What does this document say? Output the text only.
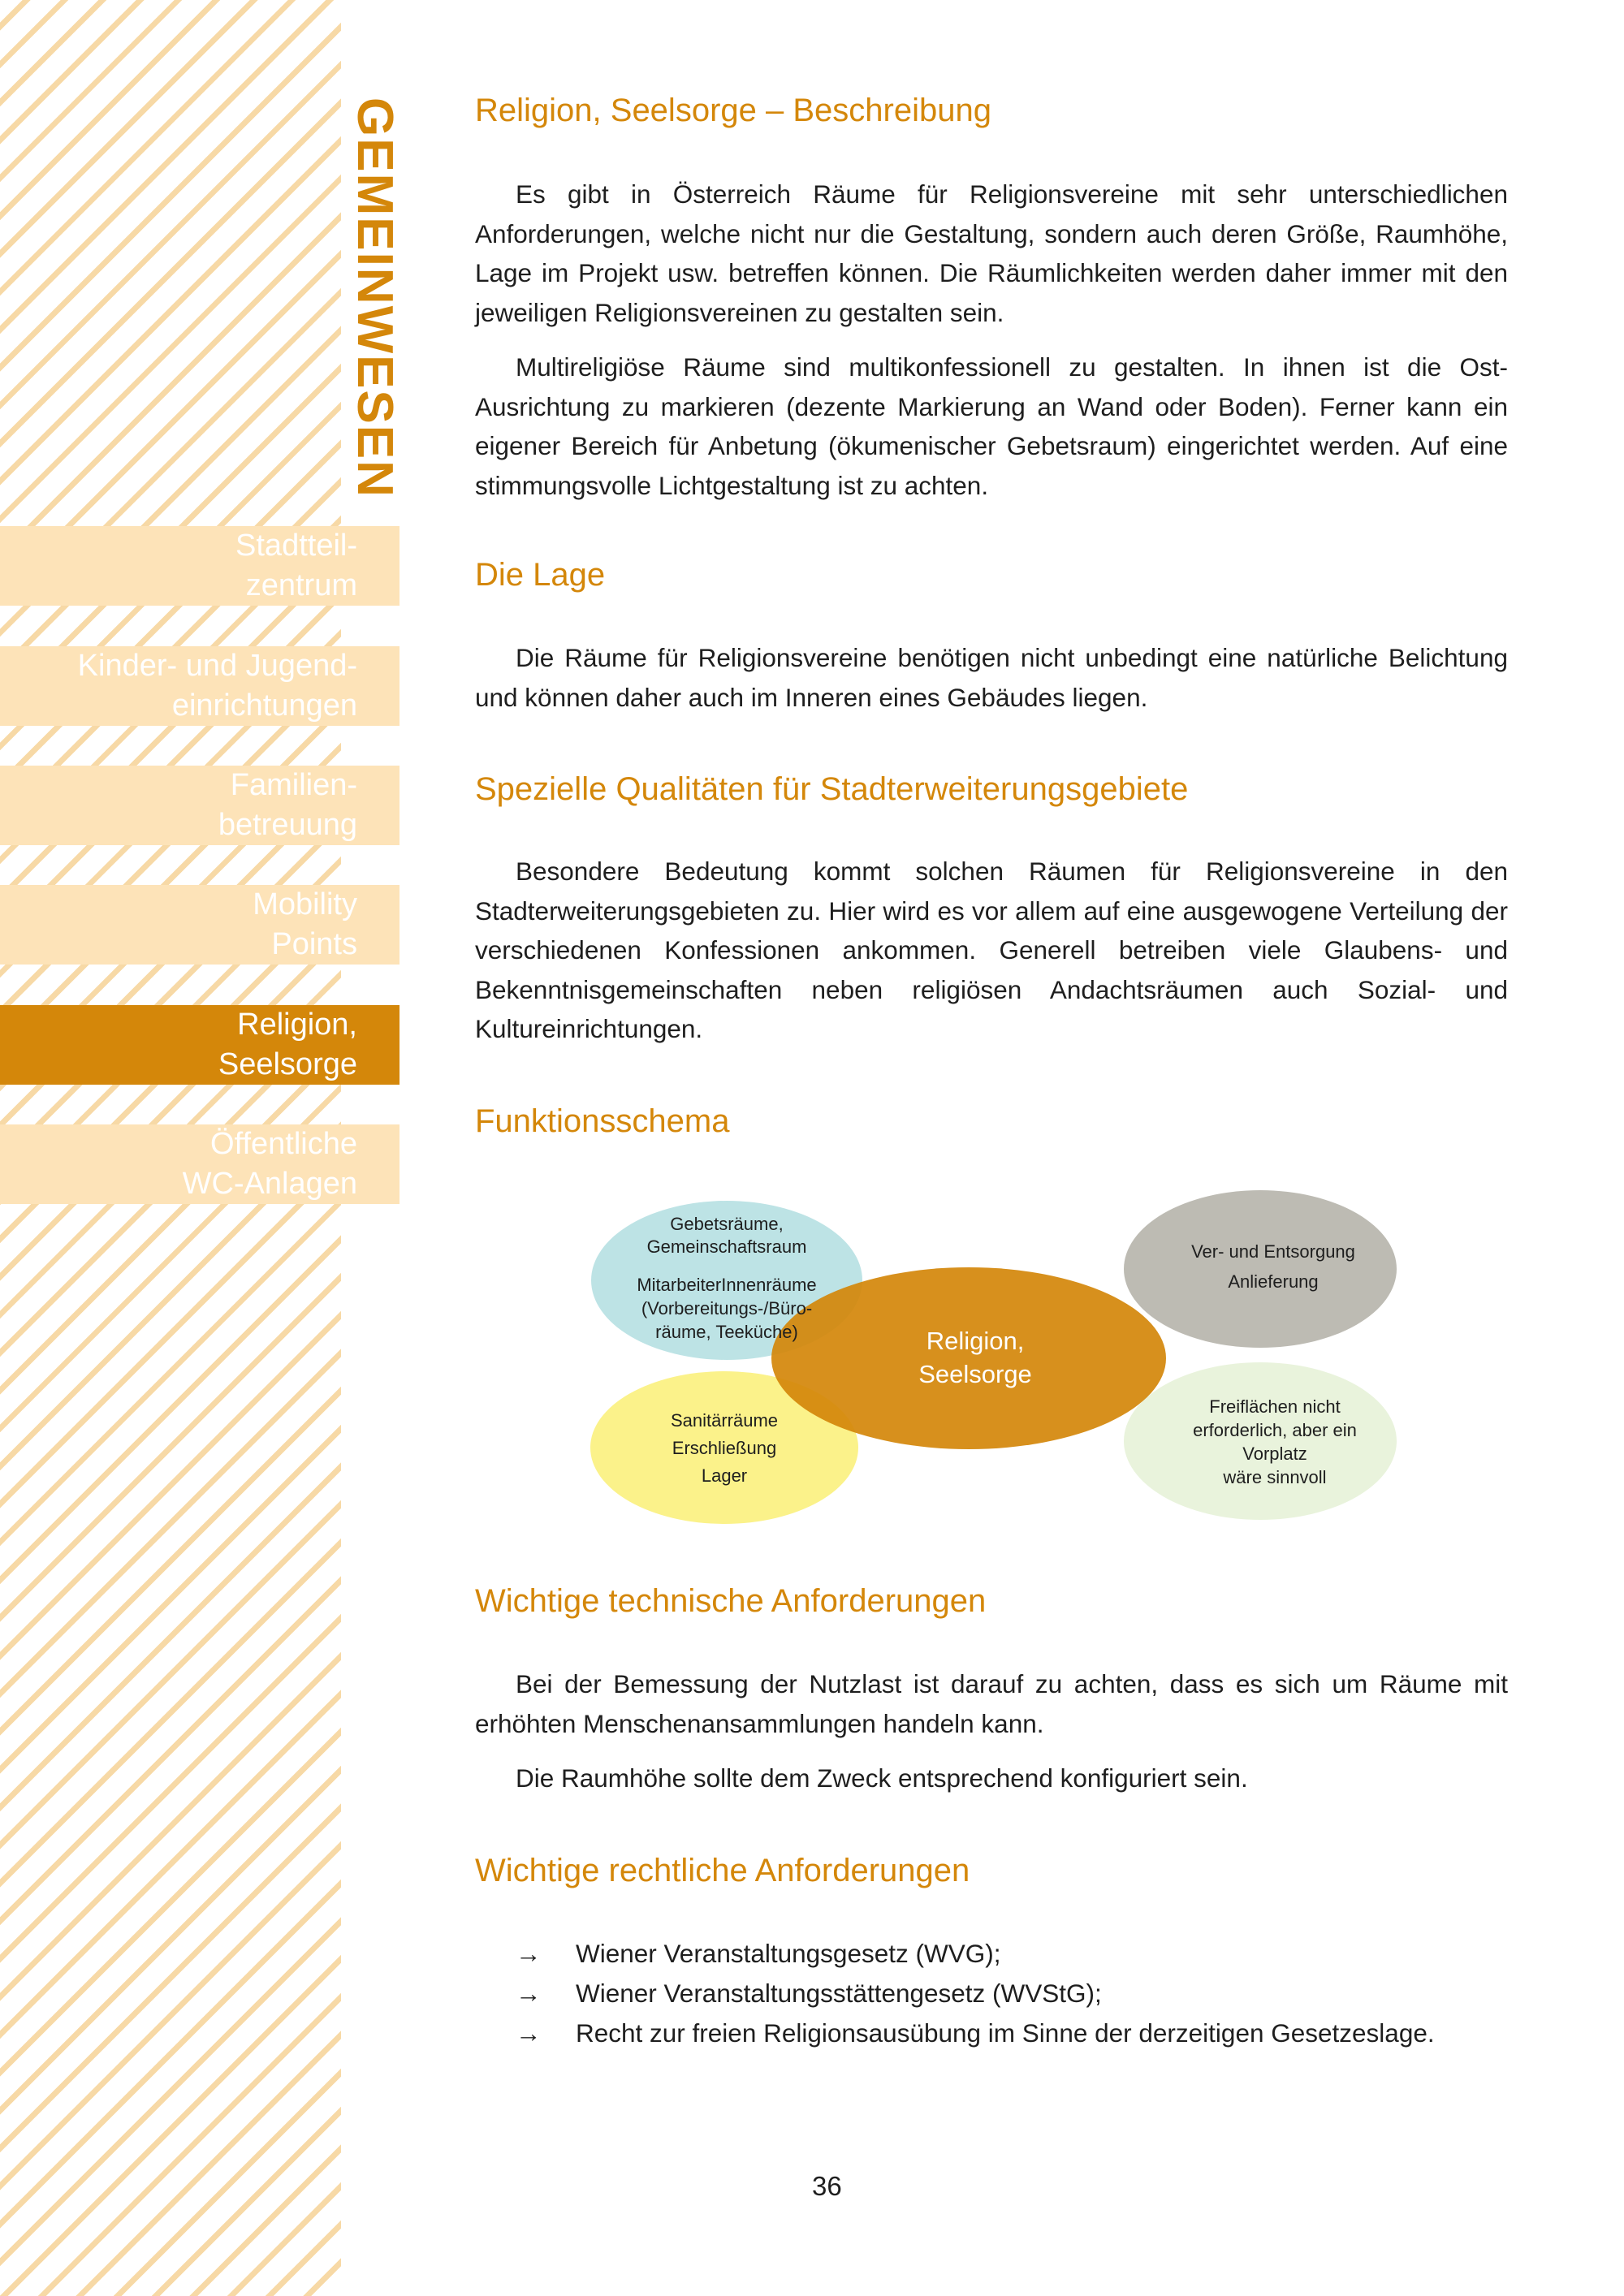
GEMEINWESEN
Stadtteil-
zentrum
Kinder- und Jugend-
einrichtungen
Familien-
betreuung
Mobility
Points
Religion,
Seelsorge
Öffentliche
WC-Anlagen
Religion, Seelsorge – Beschreibung

Es gibt in Österreich Räume für Religionsvereine mit sehr unterschiedlichen Anforderungen, welche nicht nur die Gestaltung, sondern auch deren Größe, Raumhöhe, Lage im Projekt usw. betreffen können. Die Räumlichkeiten werden daher immer mit den jeweiligen Religionsvereinen zu gestalten sein.

Multireligiöse Räume sind multikonfessionell zu gestalten. In ihnen ist die Ost-Ausrichtung zu markieren (dezente Markierung an Wand oder Boden). Ferner kann ein eigener Bereich für Anbetung (ökumenischer Gebetsraum) eingerichtet werden. Auf eine stimmungsvolle Lichtgestaltung ist zu achten.

Die Lage

Die Räume für Religionsvereine benötigen nicht unbedingt eine natürliche Belichtung und können daher auch im Inneren eines Gebäudes liegen.

Spezielle Qualitäten für Stadterweiterungsgebiete

Besondere Bedeutung kommt solchen Räumen für Religionsvereine in den Stadterweiterungsgebieten zu. Hier wird es vor allem auf eine ausgewogene Verteilung der verschiedenen Konfessionen ankommen. Generell betreiben viele Glaubens- und Bekenntnisgemeinschaften neben religiösen Andachtsräumen auch Sozial- und Kultureinrichtungen.

Funktionsschema
Wichtige technische Anforderungen

Bei der Bemessung der Nutzlast ist darauf zu achten, dass es sich um Räume mit erhöhten Menschenansammlungen handeln kann.

Die Raumhöhe sollte dem Zweck entsprechend konfiguriert sein.

Wichtige rechtliche Anforderungen
→ Wiener Veranstaltungsgesetz (WVG);
→ Wiener Veranstaltungsstättengesetz (WVStG);
→ Recht zur freien Religionsausübung im Sinne der derzeitigen Gesetzeslage.
Gebetsräume,
Gemeinschaftsraum
MitarbeiterInnenräume
(Vorbereitungs-/Büro-
räume, Teeküche)
Sanitärräume
Erschließung
Lager
Ver- und Entsorgung
Anlieferung
Freiflächen nicht
erforderlich, aber ein
Vorplatz
wäre sinnvoll
Religion,
Seelsorge
36
